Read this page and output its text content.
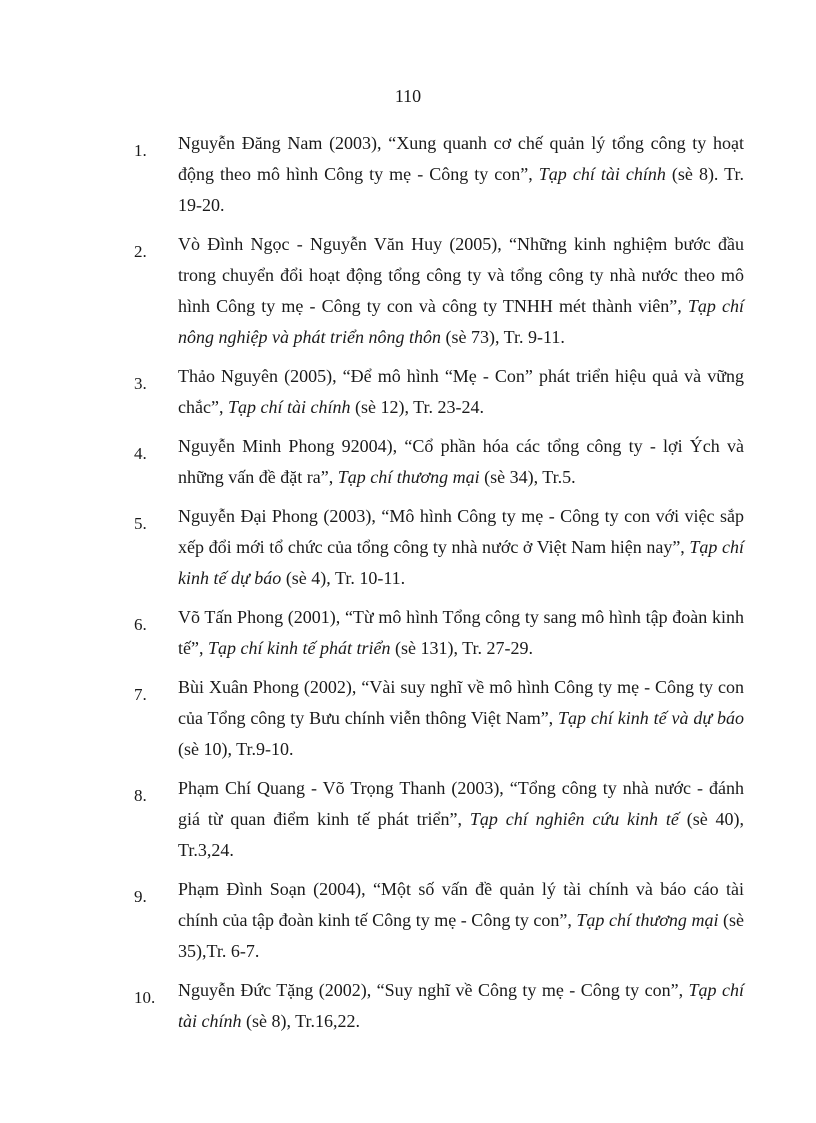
110
1. Nguyễn Đăng Nam (2003), “Xung quanh cơ chế quản lý tổng công ty hoạt động theo mô hình Công ty mẹ - Công ty con”, Tạp chí tài chính (sè 8). Tr. 19-20.
2. Vò Đình Ngọc - Nguyễn Văn Huy (2005), “Những kinh nghiệm bước đầu trong chuyển đổi hoạt động tổng công ty và tổng công ty nhà nước theo mô hình Công ty mẹ - Công ty con và công ty TNHH mét thành viên”, Tạp chí nông nghiệp và phát triển nông thôn (sè 73), Tr. 9-11.
3. Thảo Nguyên (2005), “Để mô hình “Mẹ - Con” phát triển hiệu quả và vững chắc”, Tạp chí tài chính (sè 12), Tr. 23-24.
4. Nguyễn Minh Phong 92004), “Cổ phần hóa các tổng công ty - lợi Ých và những vấn đề đặt ra”, Tạp chí thương mại (sè 34), Tr.5.
5. Nguyễn Đại Phong (2003), “Mô hình Công ty mẹ - Công ty con với việc sắp xếp đổi mới tổ chức của tổng công ty nhà nước ở Việt Nam hiện nay”, Tạp chí kinh tế dự báo (sè 4), Tr. 10-11.
6. Võ Tấn Phong (2001), “Từ mô hình Tổng công ty sang mô hình tập đoàn kinh tế”, Tạp chí kinh tế phát triển (sè 131), Tr. 27-29.
7. Bùi Xuân Phong (2002), “Vài suy nghĩ về mô hình Công ty mẹ - Công ty con của Tổng công ty Bưu chính viễn thông Việt Nam”, Tạp chí kinh tế và dự báo (sè 10), Tr.9-10.
8. Phạm Chí Quang - Võ Trọng Thanh (2003), “Tổng công ty nhà nước - đánh giá từ quan điểm kinh tế phát triển”, Tạp chí nghiên cứu kinh tế (sè 40), Tr.3,24.
9. Phạm Đình Soạn (2004), “Một số vấn đề quản lý tài chính và báo cáo tài chính của tập đoàn kinh tế Công ty mẹ - Công ty con”, Tạp chí thương mại (sè 35),Tr. 6-7.
10. Nguyễn Đức Tặng (2002), “Suy nghĩ về Công ty mẹ - Công ty con”, Tạp chí tài chính (sè 8), Tr.16,22.
